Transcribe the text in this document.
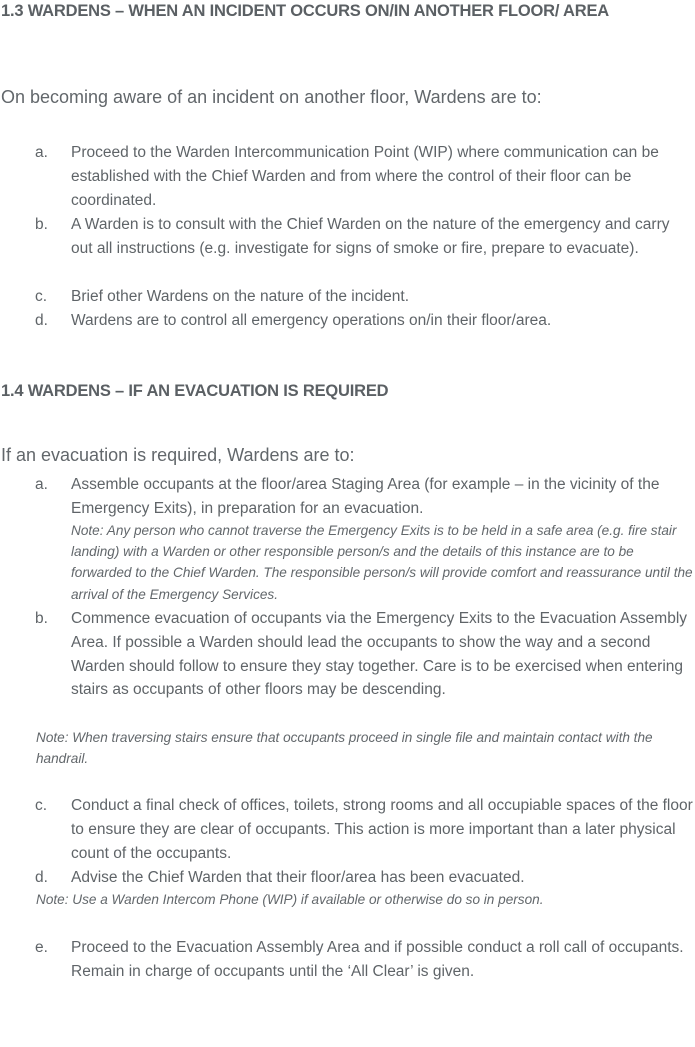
1.3 WARDENS – WHEN AN INCIDENT OCCURS ON/IN ANOTHER FLOOR/ AREA
On becoming aware of an incident on another floor, Wardens are to:
a. Proceed to the Warden Intercommunication Point (WIP) where communication can be established with the Chief Warden and from where the control of their floor can be coordinated.
b. A Warden is to consult with the Chief Warden on the nature of the emergency and carry out all instructions (e.g. investigate for signs of smoke or fire, prepare to evacuate).
c. Brief other Wardens on the nature of the incident.
d. Wardens are to control all emergency operations on/in their floor/area.
1.4 WARDENS – IF AN EVACUATION IS REQUIRED
If an evacuation is required, Wardens are to:
a. Assemble occupants at the floor/area Staging Area (for example – in the vicinity of the Emergency Exits), in preparation for an evacuation.
Note: Any person who cannot traverse the Emergency Exits is to be held in a safe area (e.g. fire stair landing) with a Warden or other responsible person/s and the details of this instance are to be forwarded to the Chief Warden. The responsible person/s will provide comfort and reassurance until the arrival of the Emergency Services.
b. Commence evacuation of occupants via the Emergency Exits to the Evacuation Assembly Area. If possible a Warden should lead the occupants to show the way and a second Warden should follow to ensure they stay together. Care is to be exercised when entering stairs as occupants of other floors may be descending.
Note: When traversing stairs ensure that occupants proceed in single file and maintain contact with the handrail.
c. Conduct a final check of offices, toilets, strong rooms and all occupiable spaces of the floor to ensure they are clear of occupants. This action is more important than a later physical count of the occupants.
d. Advise the Chief Warden that their floor/area has been evacuated.
Note: Use a Warden Intercom Phone (WIP) if available or otherwise do so in person.
e. Proceed to the Evacuation Assembly Area and if possible conduct a roll call of occupants. Remain in charge of occupants until the ‘All Clear’ is given.
